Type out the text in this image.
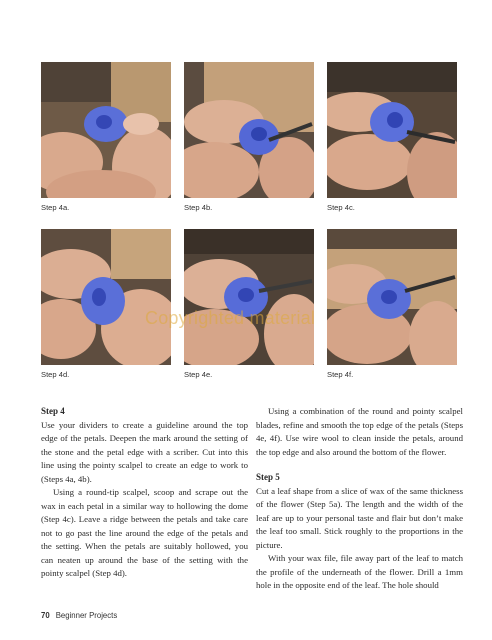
Step 4a.	Step 4b.	Step 4c.
Step 4d.	Step 4e.	Step 4f.
Copyrighted material
Step 4

Use your dividers to create a guideline around the top edge of the petals. Deepen the mark around the setting of the stone and the petal edge with a scriber. Cut into this line using the pointy scalpel to create an edge to work to (Steps 4a, 4b).

Using a round-tip scalpel, scoop and scrape out the wax in each petal in a similar way to hollowing the dome (Step 4c). Leave a ridge between the petals and take care not to go past the line around the edge of the petals and the setting. When the petals are suitably hollowed, you can neaten up around the base of the setting with the pointy scalpel (Step 4d).

Using a combination of the round and pointy scalpel blades, refine and smooth the top edge of the petals (Steps 4e, 4f). Use wire wool to clean inside the petals, around the top edge and also around the bottom of the flower.

Step 5

Cut a leaf shape from a slice of wax of the same thickness of the flower (Step 5a). The length and the width of the leaf are up to your personal taste and flair but don’t make the leaf too small. Stick roughly to the proportions in the picture.

With your wax file, file away part of the leaf to match the profile of the underneath of the flower. Drill a 1mm hole in the opposite end of the leaf. The hole should

70 Beginner Projects
